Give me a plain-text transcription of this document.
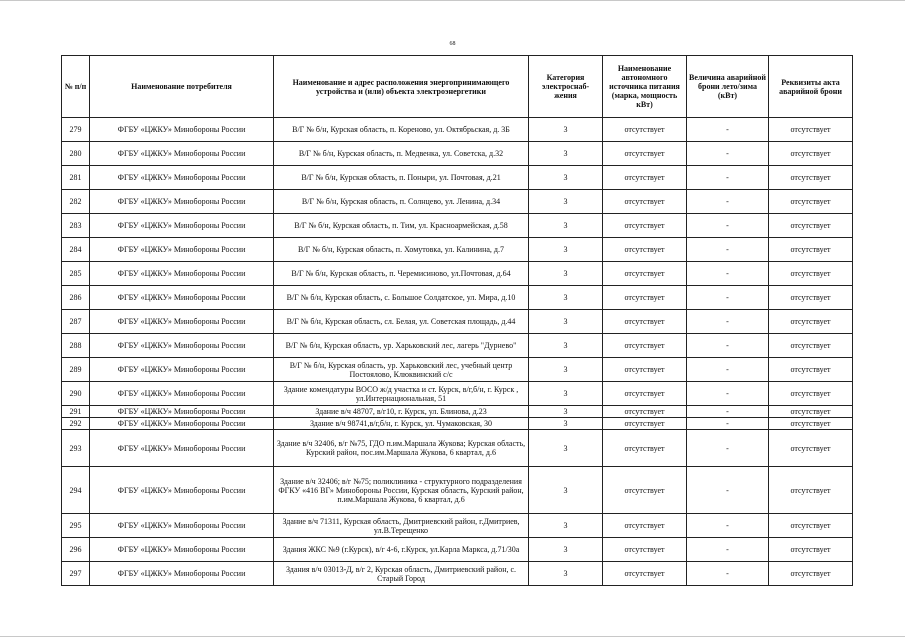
68
№ п/п	Наименование потребителя	Наименование и адрес расположения энергопринимающего устройства и (или) объекта электроэнергетики	Категория электроснаб-жения	Наименование автономного источника питания (марка, мощность кВт)	Величина аварийной брони лето/зима (кВт)	Реквизиты акта аварийной брони
279	ФГБУ «ЦЖКУ» Минобороны России	В/Г № б/н, Курская область, п. Кореново, ул. Октябрьская, д. 3Б	3	отсутствует	-	отсутствует
280	ФГБУ «ЦЖКУ» Минобороны России	В/Г № б/н, Курская область, п. Медвенка, ул. Советска, д.32	3	отсутствует	-	отсутствует
281	ФГБУ «ЦЖКУ» Минобороны России	В/Г № б/н, Курская область, п. Поныри, ул. Почтовая, д.21	3	отсутствует	-	отсутствует
282	ФГБУ «ЦЖКУ» Минобороны России	В/Г № б/н, Курская область, п. Солнцево, ул. Ленина, д.34	3	отсутствует	-	отсутствует
283	ФГБУ «ЦЖКУ» Минобороны России	В/Г № б/н, Курская область, п. Тим, ул. Красноармейская, д.58	3	отсутствует	-	отсутствует
284	ФГБУ «ЦЖКУ» Минобороны России	В/Г № б/н, Курская область, п. Хомутовка, ул. Калинина, д.7	3	отсутствует	-	отсутствует
285	ФГБУ «ЦЖКУ» Минобороны России	В/Г № б/н, Курская область, п. Черемисиново, ул.Почтовая, д.64	3	отсутствует	-	отсутствует
286	ФГБУ «ЦЖКУ» Минобороны России	В/Г № б/н, Курская область, с. Большое Солдатское, ул. Мира, д.10	3	отсутствует	-	отсутствует
287	ФГБУ «ЦЖКУ» Минобороны России	В/Г № б/н, Курская область, сл. Белая, ул. Советская площадь, д.44	3	отсутствует	-	отсутствует
288	ФГБУ «ЦЖКУ» Минобороны России	В/Г № б/н, Курская область, ур. Харьковский лес, лагерь "Дурнево"	3	отсутствует	-	отсутствует
289	ФГБУ «ЦЖКУ» Минобороны России	В/Г № б/н, Курская область, ур. Харьковский лес, учебный центр Постоялово, Клюквинский с/с	3	отсутствует	-	отсутствует
290	ФГБУ «ЦЖКУ» Минобороны России	Здание комендатуры ВОСО ж/д участка и ст. Курск, в/г,б/н, г. Курск , ул.Интернациональная, 51	3	отсутствует	-	отсутствует
291	ФГБУ «ЦЖКУ» Минобороны России	Здание в/ч 48707, в/г10, г. Курск, ул. Блинова, д.23	3	отсутствует	-	отсутствует
292	ФГБУ «ЦЖКУ» Минобороны России	Здание в/ч 98741,в/г,б/н, г. Курск, ул. Чумаковская, 30	3	отсутствует	-	отсутствует
293	ФГБУ «ЦЖКУ» Минобороны России	Здание в/ч 32406, в/г №75, ГДО п.им.Маршала Жукова; Курская область, Курский район, пос.им.Маршала Жукова, 6 квартал, д.6	3	отсутствует	-	отсутствует
294	ФГБУ «ЦЖКУ» Минобороны России	Здание в/ч 32406; в/г №75; поликлиника - структурного подразделения ФГКУ «416 ВГ» Минобороны России, Курская область, Курский район, п.им.Маршала Жукова, 6 квартал, д.6	3	отсутствует	-	отсутствует
295	ФГБУ «ЦЖКУ» Минобороны России	Здание в/ч 71311, Курская область, Дмитриевский район, г.Дмитриев, ул.В.Терещенко	3	отсутствует	-	отсутствует
296	ФГБУ «ЦЖКУ» Минобороны России	Здания ЖКС №9 (г.Курск), в/г 4-6, г.Курск, ул.Карла Маркса, д.71/30а	3	отсутствует	-	отсутствует
297	ФГБУ «ЦЖКУ» Минобороны России	Здания в/ч 03013-Д, в/г 2, Курская область, Дмитриевский район, с. Старый Город	3	отсутствует	-	отсутствует
